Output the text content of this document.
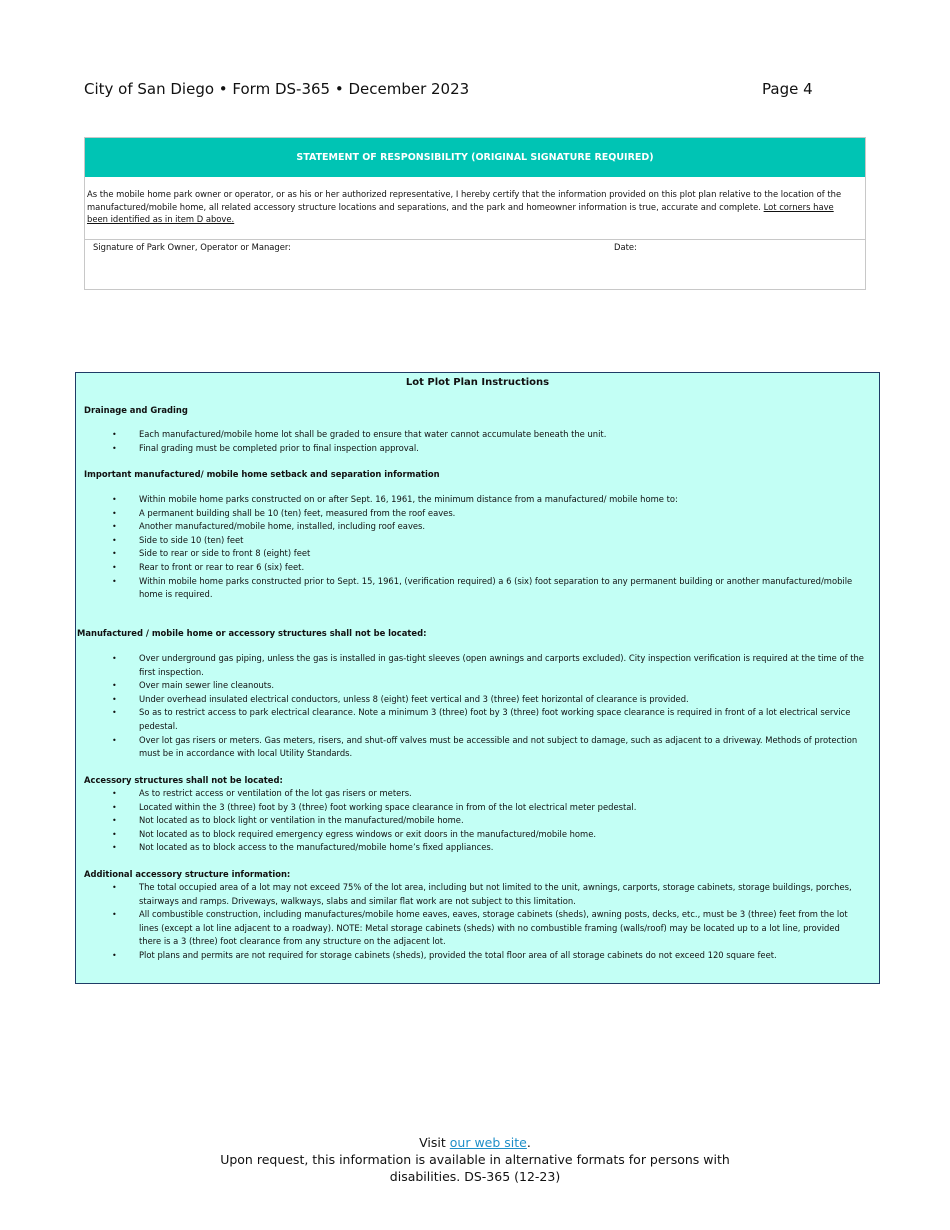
City of San Diego • Form DS-365 • December 2023	Page 4
STATEMENT OF RESPONSIBILITY (ORIGINAL SIGNATURE REQUIRED)
As the mobile home park owner or operator, or as his or her authorized representative, I hereby certify that the information provided on this plot plan relative to the location of the manufactured/mobile home, all related accessory structure locations and separations, and the park and homeowner information is true, accurate and complete. Lot corners have been identified as in item D above.
Signature of Park Owner, Operator or Manager:	Date:
Lot Plot Plan Instructions
Drainage and Grading
• Each manufactured/mobile home lot shall be graded to ensure that water cannot accumulate beneath the unit.
• Final grading must be completed prior to final inspection approval.
Important manufactured/ mobile home setback and separation information
• Within mobile home parks constructed on or after Sept. 16, 1961, the minimum distance from a manufactured/ mobile home to:
• A permanent building shall be 10 (ten) feet, measured from the roof eaves.
• Another manufactured/mobile home, installed, including roof eaves.
• Side to side 10 (ten) feet
• Side to rear or side to front 8 (eight) feet
• Rear to front or rear to rear 6 (six) feet.
• Within mobile home parks constructed prior to Sept. 15, 1961, (verification required) a 6 (six) foot separation to any permanent building or another manufactured/mobile home is required.
Manufactured / mobile home or accessory structures shall not be located:
• Over underground gas piping, unless the gas is installed in gas-tight sleeves (open awnings and carports excluded). City inspection verification is required at the time of the first inspection.
• Over main sewer line cleanouts.
• Under overhead insulated electrical conductors, unless 8 (eight) feet vertical and 3 (three) feet horizontal of clearance is provided.
• So as to restrict access to park electrical clearance. Note a minimum 3 (three) foot by 3 (three) foot working space clearance is required in front of a lot electrical service pedestal.
• Over lot gas risers or meters. Gas meters, risers, and shut-off valves must be accessible and not subject to damage, such as adjacent to a driveway. Methods of protection must be in accordance with local Utility Standards.
Accessory structures shall not be located:
• As to restrict access or ventilation of the lot gas risers or meters.
• Located within the 3 (three) foot by 3 (three) foot working space clearance in from of the lot electrical meter pedestal.
• Not located as to block light or ventilation in the manufactured/mobile home.
• Not located as to block required emergency egress windows or exit doors in the manufactured/mobile home.
• Not located as to block access to the manufactured/mobile home’s fixed appliances.
Additional accessory structure information:
• The total occupied area of a lot may not exceed 75% of the lot area, including but not limited to the unit, awnings, carports, storage cabinets, storage buildings, porches, stairways and ramps. Driveways, walkways, slabs and similar flat work are not subject to this limitation.
• All combustible construction, including manufactures/mobile home eaves, eaves, storage cabinets (sheds), awning posts, decks, etc., must be 3 (three) feet from the lot lines (except a lot line adjacent to a roadway). NOTE: Metal storage cabinets (sheds) with no combustible framing (walls/roof) may be located up to a lot line, provided there is a 3 (three) foot clearance from any structure on the adjacent lot.
• Plot plans and permits are not required for storage cabinets (sheds), provided the total floor area of all storage cabinets do not exceed 120 square feet.
Visit our web site.
Upon request, this information is available in alternative formats for persons with
disabilities. DS-365 (12-23)
